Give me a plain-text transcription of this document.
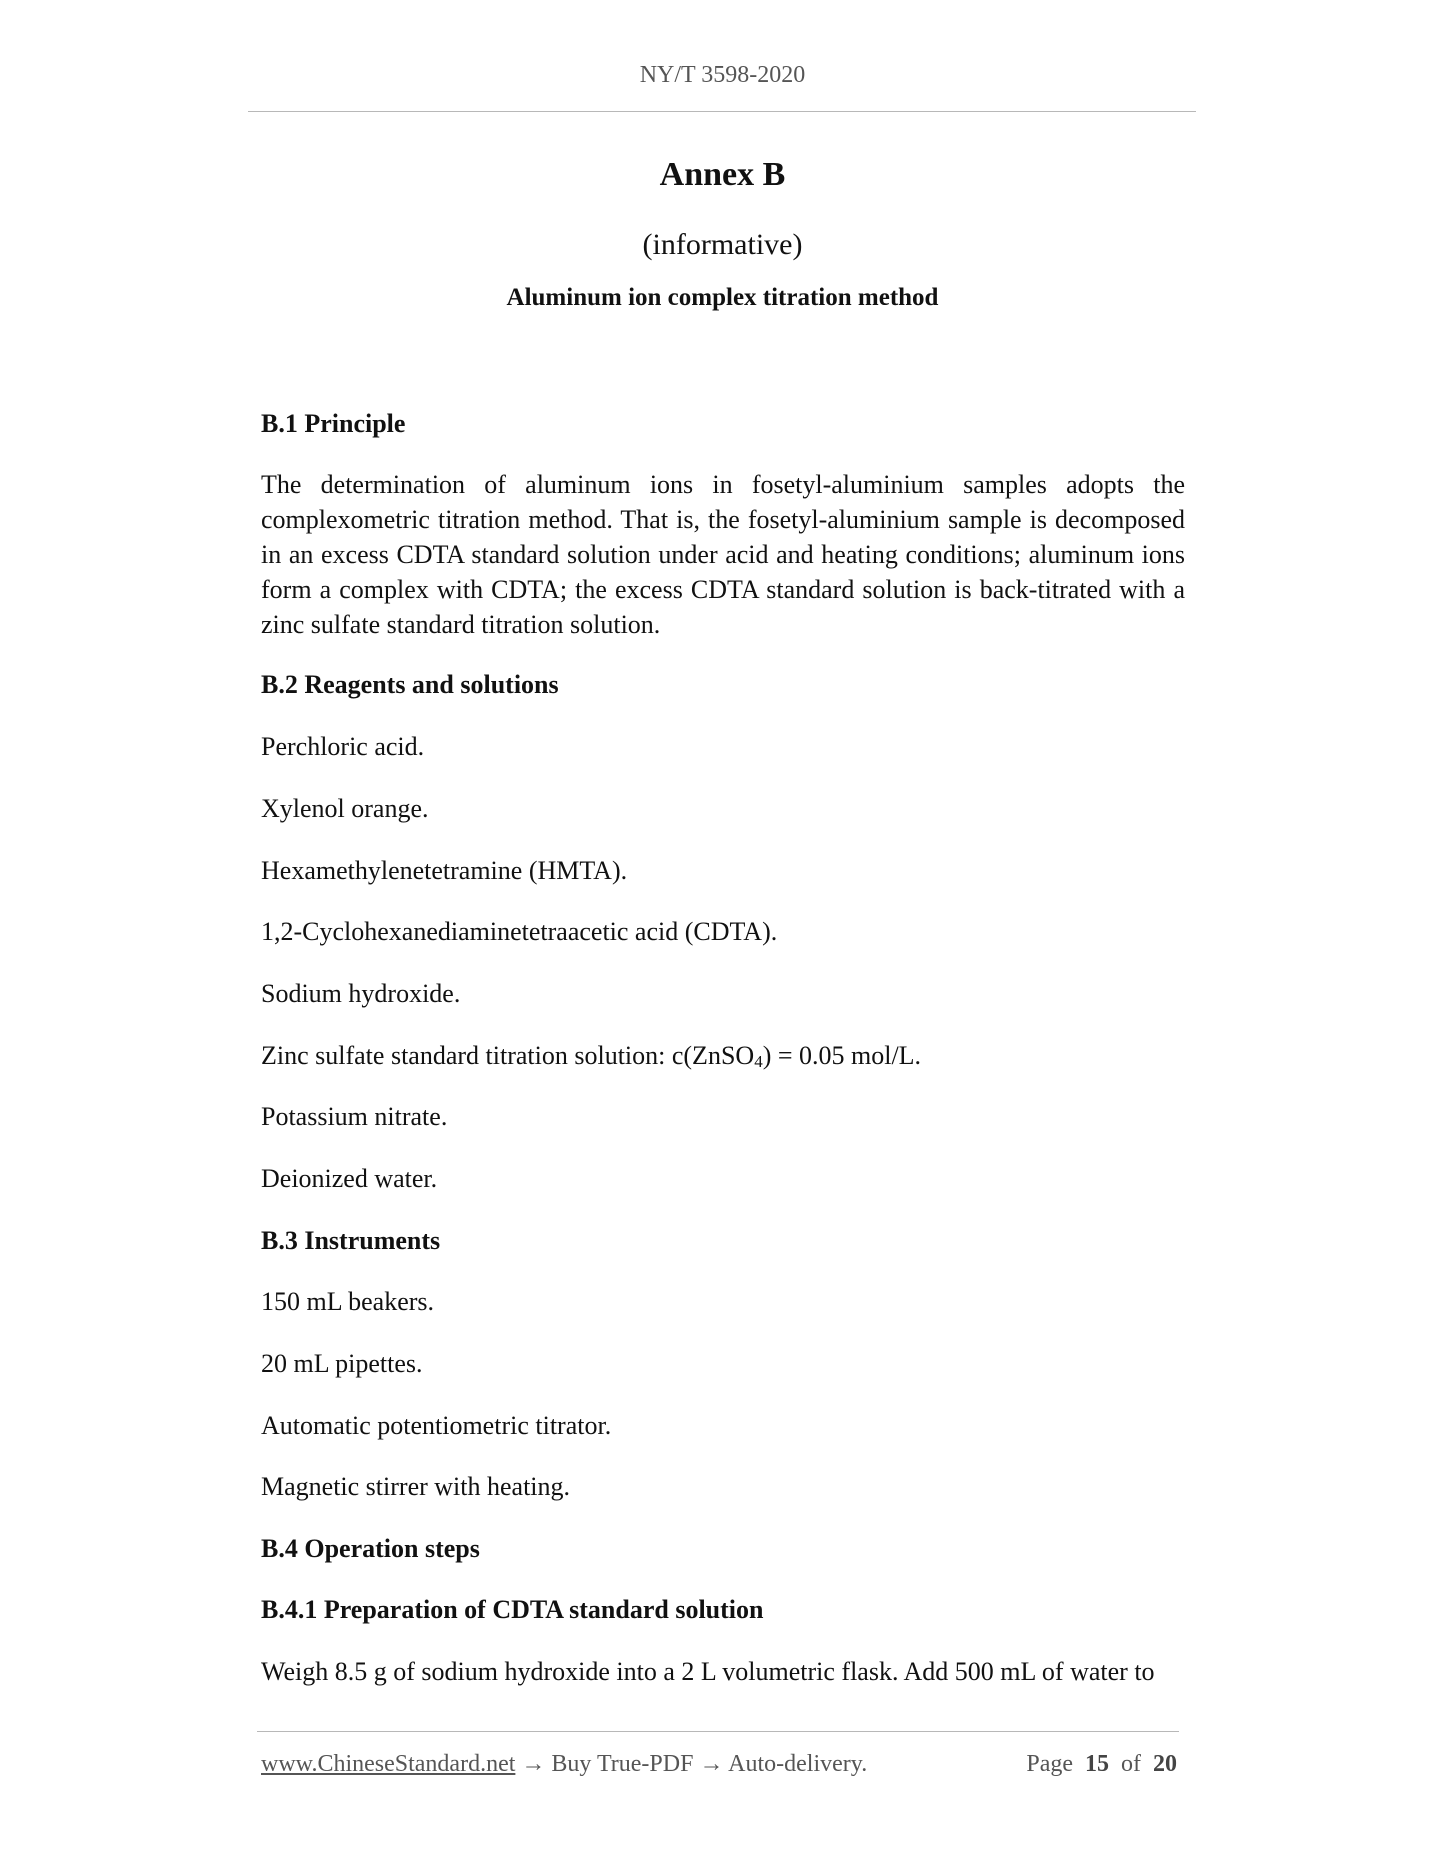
NY/T 3598-2020
Annex B
(informative)
Aluminum ion complex titration method
B.1 Principle
The determination of aluminum ions in fosetyl-aluminium samples adopts the complexometric titration method. That is, the fosetyl-aluminium sample is decomposed in an excess CDTA standard solution under acid and heating conditions; aluminum ions form a complex with CDTA; the excess CDTA standard solution is back-titrated with a zinc sulfate standard titration solution.
B.2 Reagents and solutions
Perchloric acid.
Xylenol orange.
Hexamethylenetetramine (HMTA).
1,2-Cyclohexanediaminetetraacetic acid (CDTA).
Sodium hydroxide.
Zinc sulfate standard titration solution: c(ZnSO$_4$) = 0.05 mol/L.
Potassium nitrate.
Deionized water.
B.3 Instruments
150 mL beakers.
20 mL pipettes.
Automatic potentiometric titrator.
Magnetic stirrer with heating.
B.4 Operation steps
B.4.1 Preparation of CDTA standard solution
Weigh 8.5 g of sodium hydroxide into a 2 L volumetric flask. Add 500 mL of water to
www.ChineseStandard.net → Buy True-PDF → Auto-delivery.	Page 15 of 20
